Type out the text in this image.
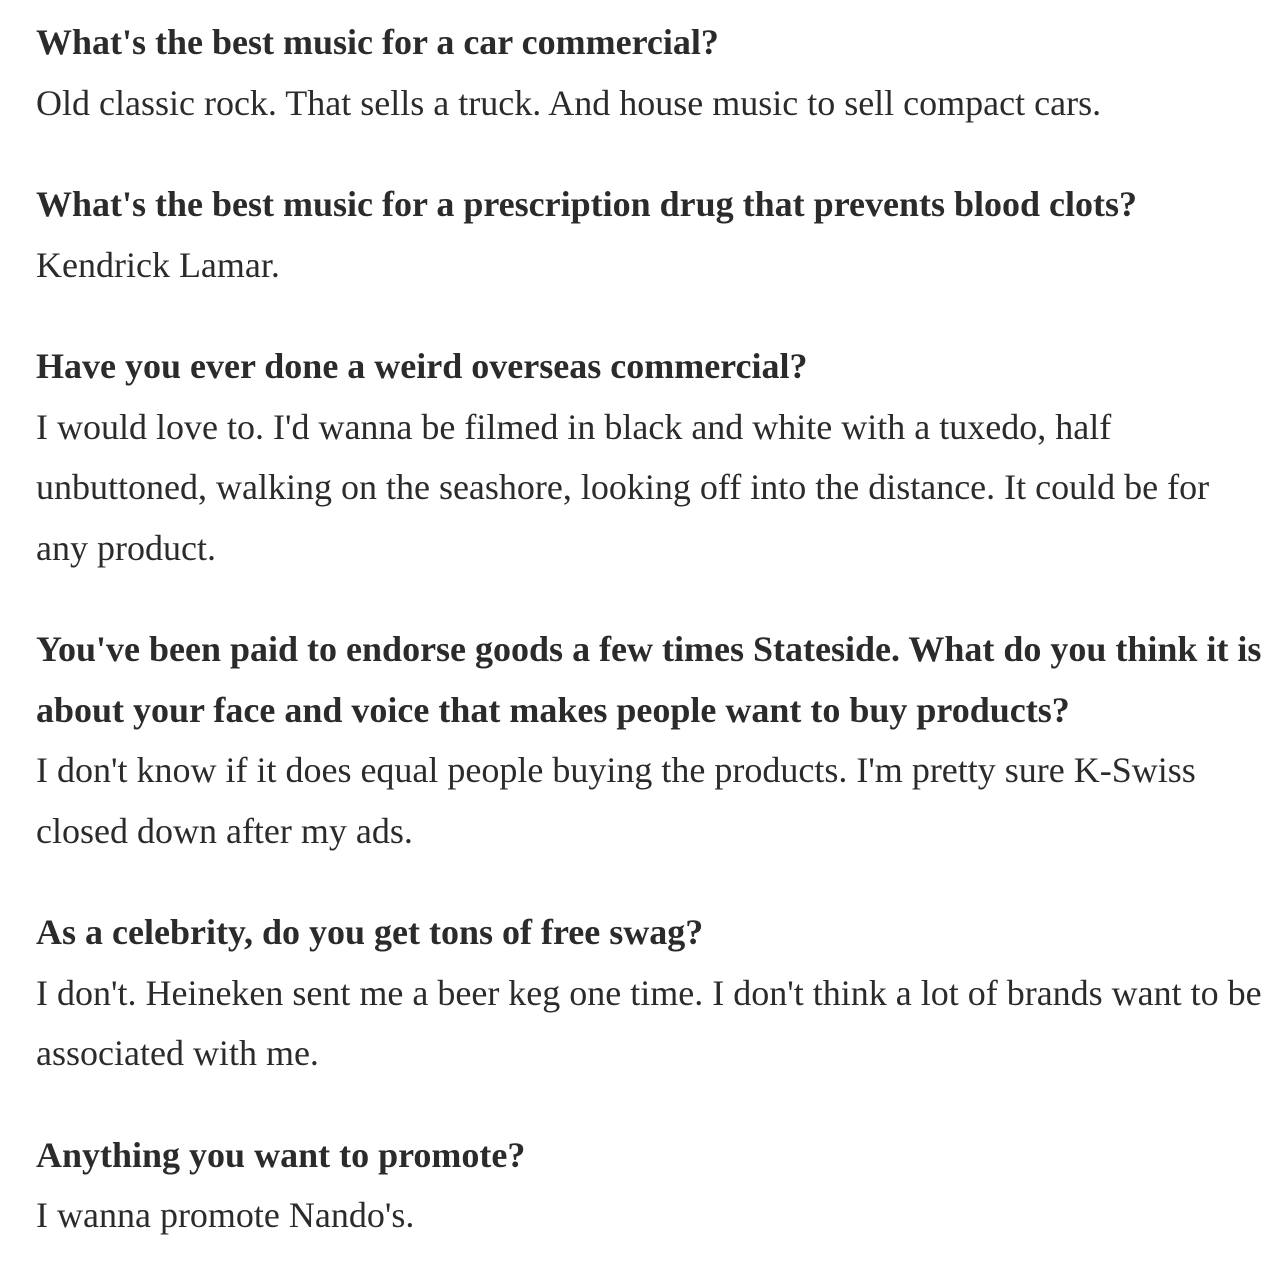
What's the best music for a car commercial?

Old classic rock. That sells a truck. And house music to sell compact cars.

What's the best music for a prescription drug that prevents blood clots?

Kendrick Lamar.

Have you ever done a weird overseas commercial?

I would love to. I'd wanna be filmed in black and white with a tuxedo, half unbuttoned, walking on the seashore, looking off into the distance. It could be for any product.

You've been paid to endorse goods a few times Stateside. What do you think it is about your face and voice that makes people want to buy products?

I don't know if it does equal people buying the products. I'm pretty sure K-Swiss closed down after my ads.

As a celebrity, do you get tons of free swag?

I don't. Heineken sent me a beer keg one time. I don't think a lot of brands want to be associated with me.

Anything you want to promote?

I wanna promote Nando's.
